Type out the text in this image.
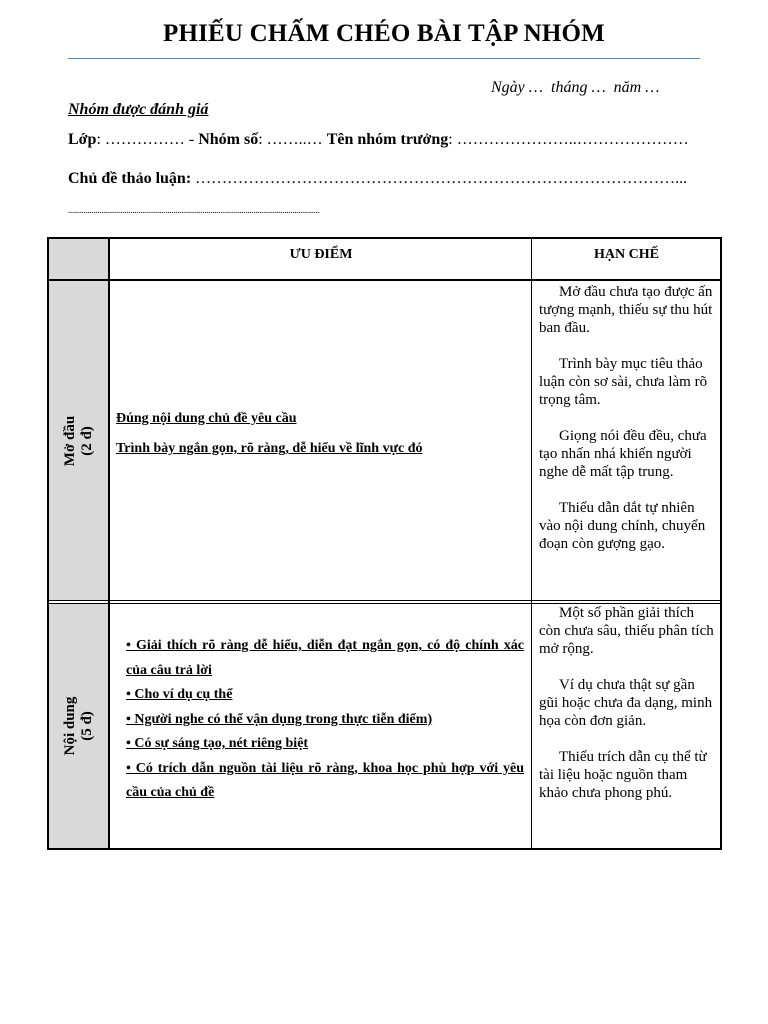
PHIẾU CHẤM CHÉO BÀI TẬP NHÓM
Ngày …  tháng …  năm …
Nhóm được đánh giá
Lớp: …………… - Nhóm số: ……..… Tên nhóm trưởng: …………………..…………………
Chủ đề thảo luận: ………………………………………………………………………………...
.................................................................................................................................
ƯU ĐIỂM	HẠN CHẾ
Mở đầu (2 đ)

Đúng nội dung chủ đề yêu cầu

Trình bày ngắn gọn, rõ ràng, dễ hiểu về lĩnh vực đó

Mở đầu chưa tạo được ấn tượng mạnh, thiếu sự thu hút ban đầu.

Trình bày mục tiêu thảo luận còn sơ sài, chưa làm rõ trọng tâm.

Giọng nói đều đều, chưa tạo nhấn nhá khiến người nghe dễ mất tập trung.

Thiếu dẫn dắt tự nhiên vào nội dung chính, chuyển đoạn còn gượng gạo.

Nội dung (5 đ)

• Giải thích rõ ràng dễ hiểu, diễn đạt ngắn gọn, có độ chính xác của câu trả lời

• Cho ví dụ cụ thể

• Người nghe có thể vận dụng trong thực tiễn điểm)

• Có sự sáng tạo, nét riêng biệt

• Có trích dẫn nguồn tài liệu rõ ràng, khoa học phù hợp với yêu cầu của chủ đề

Một số phần giải thích còn chưa sâu, thiếu phân tích mở rộng.

Ví dụ chưa thật sự gần gũi hoặc chưa đa dạng, minh họa còn đơn giản.

Thiếu trích dẫn cụ thể từ tài liệu hoặc nguồn tham khảo chưa phong phú.
